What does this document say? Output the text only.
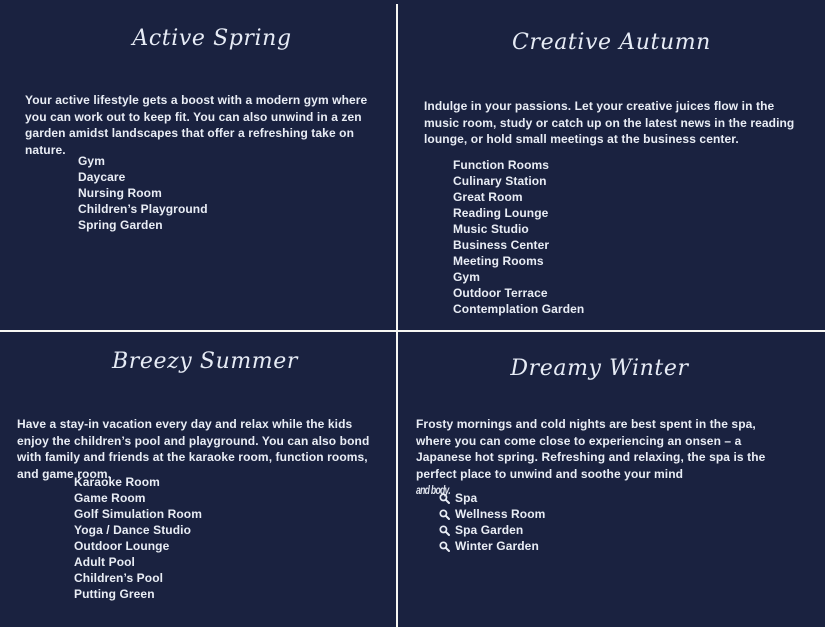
Active Spring

Your active lifestyle gets a boost with a modern gym where you can work out to keep fit. You can also unwind in a zen garden amidst landscapes that offer a refreshing take on nature.

Gym
Daycare
Nursing Room
Children’s Playground
Spring Garden
Creative Autumn

Indulge in your passions. Let your creative juices flow in the music room, study or catch up on the latest news in the reading lounge, or hold small meetings at the business center.

Function Rooms
Culinary Station
Great Room
Reading Lounge
Music Studio
Business Center
Meeting Rooms
Gym
Outdoor Terrace
Contemplation Garden
Breezy Summer

Have a stay-in vacation every day and relax while the kids enjoy the children’s pool and playground. You can also bond with family and friends at the karaoke room, function rooms, and game room.

Karaoke Room
Game Room
Golf Simulation Room
Yoga / Dance Studio
Outdoor Lounge
Adult Pool
Children’s Pool
Putting Green
Dreamy Winter

Frosty mornings and cold nights are best spent in the spa, where you can come close to experiencing an onsen – a Japanese hot spring. Refreshing and relaxing, the spa is the perfect place to unwind and soothe your mind
and body.

Spa
Wellness Room
Spa Garden
Winter Garden
